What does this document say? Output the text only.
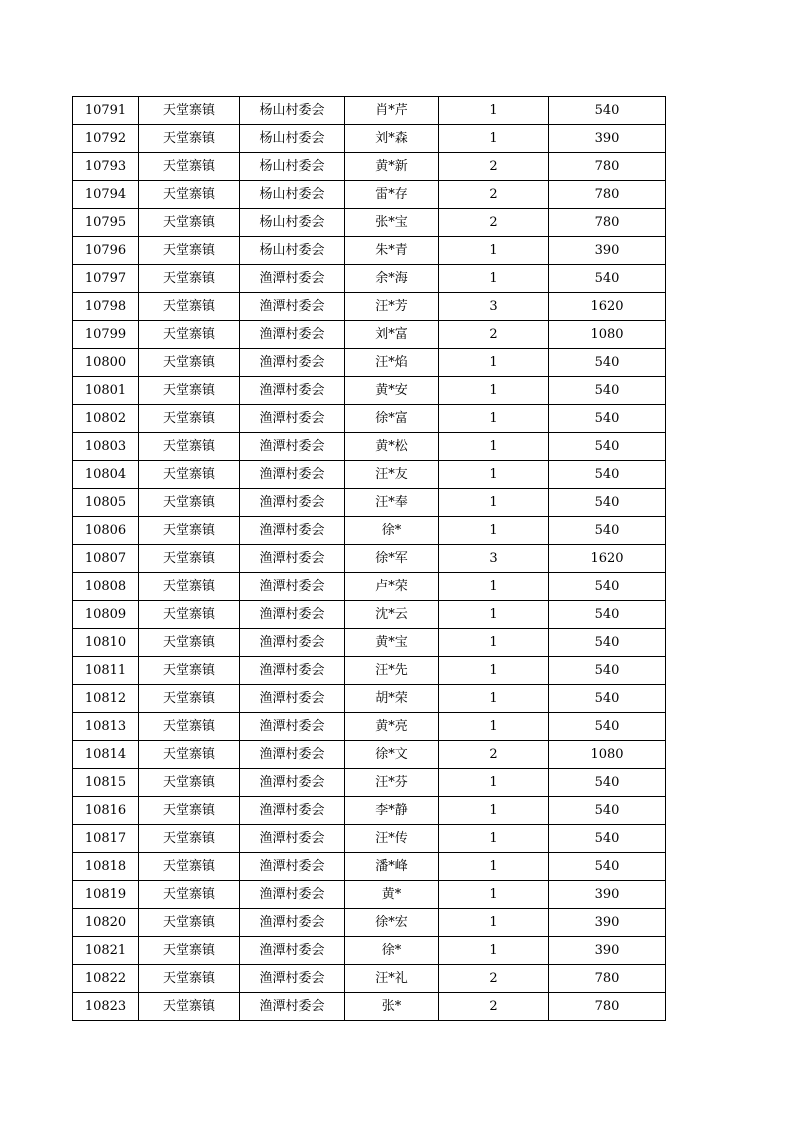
10791	天堂寨镇	杨山村委会	肖*芹	1	540
10792	天堂寨镇	杨山村委会	刘*森	1	390
10793	天堂寨镇	杨山村委会	黄*新	2	780
10794	天堂寨镇	杨山村委会	雷*存	2	780
10795	天堂寨镇	杨山村委会	张*宝	2	780
10796	天堂寨镇	杨山村委会	朱*青	1	390
10797	天堂寨镇	渔潭村委会	余*海	1	540
10798	天堂寨镇	渔潭村委会	汪*芳	3	1620
10799	天堂寨镇	渔潭村委会	刘*富	2	1080
10800	天堂寨镇	渔潭村委会	汪*焰	1	540
10801	天堂寨镇	渔潭村委会	黄*安	1	540
10802	天堂寨镇	渔潭村委会	徐*富	1	540
10803	天堂寨镇	渔潭村委会	黄*松	1	540
10804	天堂寨镇	渔潭村委会	汪*友	1	540
10805	天堂寨镇	渔潭村委会	汪*奉	1	540
10806	天堂寨镇	渔潭村委会	徐*	1	540
10807	天堂寨镇	渔潭村委会	徐*军	3	1620
10808	天堂寨镇	渔潭村委会	卢*荣	1	540
10809	天堂寨镇	渔潭村委会	沈*云	1	540
10810	天堂寨镇	渔潭村委会	黄*宝	1	540
10811	天堂寨镇	渔潭村委会	汪*先	1	540
10812	天堂寨镇	渔潭村委会	胡*荣	1	540
10813	天堂寨镇	渔潭村委会	黄*亮	1	540
10814	天堂寨镇	渔潭村委会	徐*文	2	1080
10815	天堂寨镇	渔潭村委会	汪*芬	1	540
10816	天堂寨镇	渔潭村委会	李*静	1	540
10817	天堂寨镇	渔潭村委会	汪*传	1	540
10818	天堂寨镇	渔潭村委会	潘*峰	1	540
10819	天堂寨镇	渔潭村委会	黄*	1	390
10820	天堂寨镇	渔潭村委会	徐*宏	1	390
10821	天堂寨镇	渔潭村委会	徐*	1	390
10822	天堂寨镇	渔潭村委会	汪*礼	2	780
10823	天堂寨镇	渔潭村委会	张*	2	780
